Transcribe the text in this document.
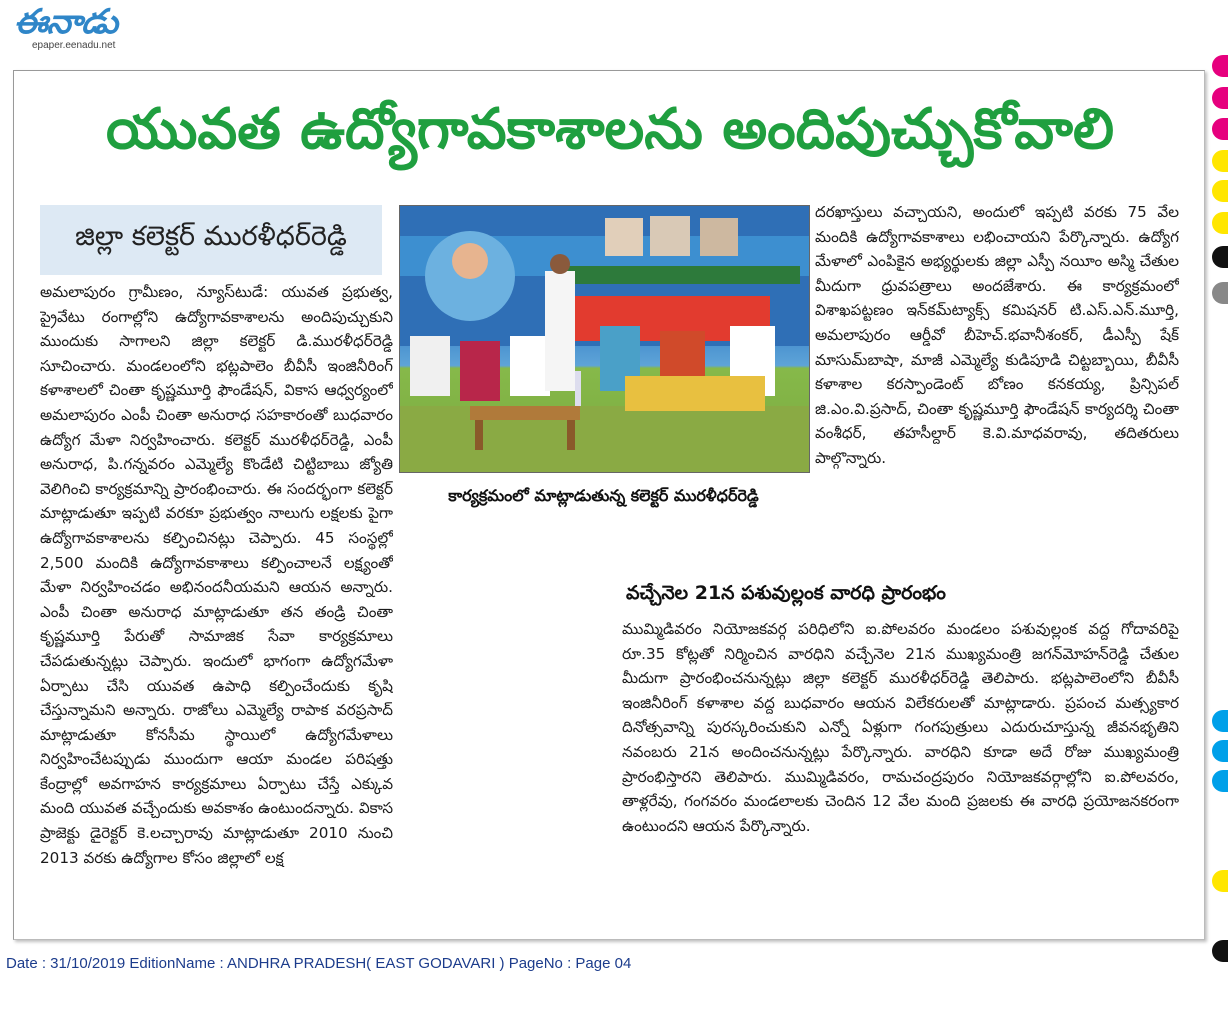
ఈనాడు
epaper.eenadu.net
యువత ఉద్యోగావకాశాలను అందిపుచ్చుకోవాలి
జిల్లా కలెక్టర్ మురళీధర్‌రెడ్డి

అమలాపురం గ్రామీణం, న్యూస్‌టుడే: యువత ప్రభుత్వ, ప్రైవేటు రంగాల్లోని ఉద్యోగావకాశాలను అందిపుచ్చుకుని ముందుకు సాగాలని జిల్లా కలెక్టర్ డి.మురళీధర్‌రెడ్డి సూచించారు. మండలంలోని భట్లపాలెం బీవీసీ ఇంజినీరింగ్ కళాశాలలో చింతా కృష్ణమూర్తి ఫౌండేషన్, వికాస ఆధ్వర్యంలో అమలాపురం ఎంపీ చింతా అనురాధ సహకారంతో బుధవారం ఉద్యోగ మేళా నిర్వహించారు. కలెక్టర్ మురళీధర్‌రెడ్డి, ఎంపీ అనురాధ, పి.గన్నవరం ఎమ్మెల్యే కొండేటి చిట్టిబాబు జ్యోతి వెలిగించి కార్యక్రమాన్ని ప్రారంభించారు. ఈ సందర్భంగా కలెక్టర్ మాట్లాడుతూ ఇప్పటి వరకూ ప్రభుత్వం నాలుగు లక్షలకు పైగా ఉద్యోగావకాశాలను కల్పించినట్లు చెప్పారు. 45 సంస్థల్లో 2,500 మందికి ఉద్యోగావకాశాలు కల్పించాలనే లక్ష్యంతో మేళా నిర్వహించడం అభినందనీయమని ఆయన అన్నారు. ఎంపీ చింతా అనురాధ మాట్లాడుతూ తన తండ్రి చింతా కృష్ణమూర్తి పేరుతో సామాజిక సేవా కార్యక్రమాలు చేపడుతున్నట్లు చెప్పారు. ఇందులో భాగంగా ఉద్యోగమేళా ఏర్పాటు చేసి యువత ఉపాధి కల్పించేందుకు కృషి చేస్తున్నామని అన్నారు. రాజోలు ఎమ్మెల్యే రాపాక వరప్రసాద్ మాట్లాడుతూ కోనసీమ స్థాయిలో ఉద్యోగమేళాలు నిర్వహించేటప్పుడు ముందుగా ఆయా మండల పరిషత్తు కేంద్రాల్లో అవగాహన కార్యక్రమాలు ఏర్పాటు చేస్తే ఎక్కువ మంది యువత వచ్చేందుకు అవకాశం ఉంటుందన్నారు. వికాస ప్రాజెక్టు డైరెక్టర్ కె.లచ్చారావు మాట్లాడుతూ 2010 నుంచి 2013 వరకు ఉద్యోగాల కోసం జిల్లాలో లక్ష

కార్యక్రమంలో మాట్లాడుతున్న కలెక్టర్ మురళీధర్‌రెడ్డి

దరఖాస్తులు వచ్చాయని, అందులో ఇప్పటి వరకు 75 వేల మందికి ఉద్యోగావకాశాలు లభించాయని పేర్కొన్నారు. ఉద్యోగ మేళాలో ఎంపికైన అభ్యర్థులకు జిల్లా ఎస్పీ నయీం అస్మి చేతుల మీదుగా ధ్రువపత్రాలు అందజేశారు. ఈ కార్యక్రమంలో విశాఖపట్టణం ఇన్‌కమ్‌ట్యాక్స్ కమిషనర్ టి.ఎస్.ఎన్.మూర్తి, అమలాపురం ఆర్డీవో బీహెచ్.భవానీశంకర్, డీఎస్పీ షేక్ మాసుమ్‌బాషా, మాజీ ఎమ్మెల్యే కుడిపూడి చిట్టబ్బాయి, బీవీసీ కళాశాల కరస్పాండెంట్ బోణం కనకయ్య, ప్రిన్సిపల్ జి.ఎం.వి.ప్రసాద్, చింతా కృష్ణమూర్తి ఫౌండేషన్ కార్యదర్శి చింతా వంశీధర్, తహసీల్దార్ కె.వి.మాధవరావు, తదితరులు పాల్గొన్నారు.

వచ్చేనెల 21న పశువుల్లంక వారధి ప్రారంభం

ముమ్మిడివరం నియోజకవర్గ పరిధిలోని ఐ.పోలవరం మండలం పశువుల్లంక వద్ద గోదావరిపై రూ.35 కోట్లతో నిర్మించిన వారధిని వచ్చేనెల 21న ముఖ్యమంత్రి జగన్‌మోహన్‌రెడ్డి చేతుల మీదుగా ప్రారంభించనున్నట్లు జిల్లా కలెక్టర్ మురళీధర్‌రెడ్డి తెలిపారు. భట్లపాలెంలోని బీవీసీ ఇంజినీరింగ్ కళాశాల వద్ద బుధవారం ఆయన విలేకరులతో మాట్లాడారు. ప్రపంచ మత్స్యకార దినోత్సవాన్ని పురస్కరించుకుని ఎన్నో ఏళ్లుగా గంగపుత్రులు ఎదురుచూస్తున్న జీవనభృతిని నవంబరు 21న అందించనున్నట్లు పేర్కొన్నారు. వారధిని కూడా అదే రోజు ముఖ్యమంత్రి ప్రారంభిస్తారని తెలిపారు. ముమ్మిడివరం, రామచంద్రపురం నియోజకవర్గాల్లోని ఐ.పోలవరం, తాళ్లరేవు, గంగవరం మండలాలకు చెందిన 12 వేల మంది ప్రజలకు ఈ వారధి ప్రయోజనకరంగా ఉంటుందని ఆయన పేర్కొన్నారు.

Date : 31/10/2019 EditionName : ANDHRA PRADESH( EAST GODAVARI ) PageNo : Page 04
